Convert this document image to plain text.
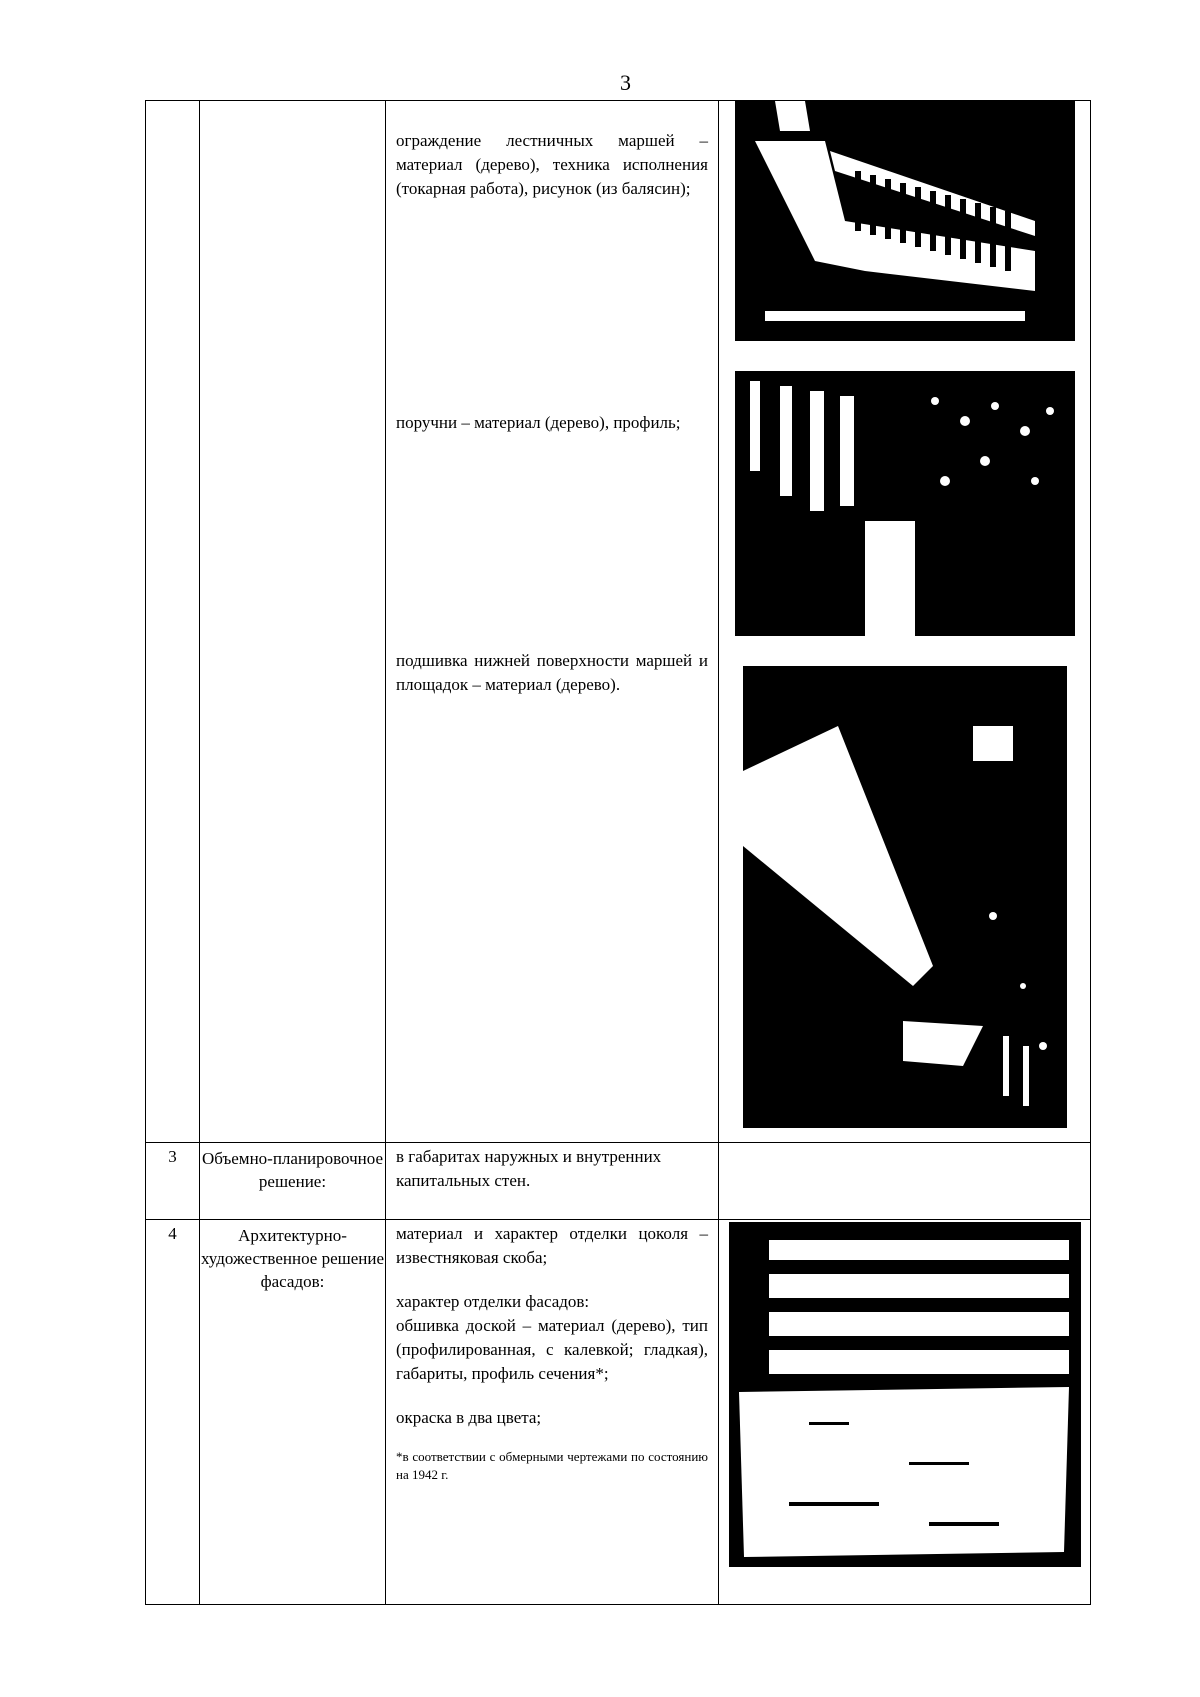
3

		ограждение лестничных маршей – материал (дерево), техника исполнения (токарная работа), рисунок (из балясин);

поручни – материал (дерево), профиль;

подшивка нижней поверхности маршей и площадок – материал (дерево).

3	Объемно-планировочное решение:	в габаритах наружных и внутренних капитальных стен.	

4	Архитектурно-художественное решение фасадов:	материал и характер отделки цоколя – известняковая скоба;

характер отделки фасадов:

обшивка доской – материал (дерево), тип (профилированная, с калевкой; гладкая), габариты, профиль сечения*;

окраска в два цвета;

*в соответствии с обмерными чертежами по состоянию на 1942 г.
